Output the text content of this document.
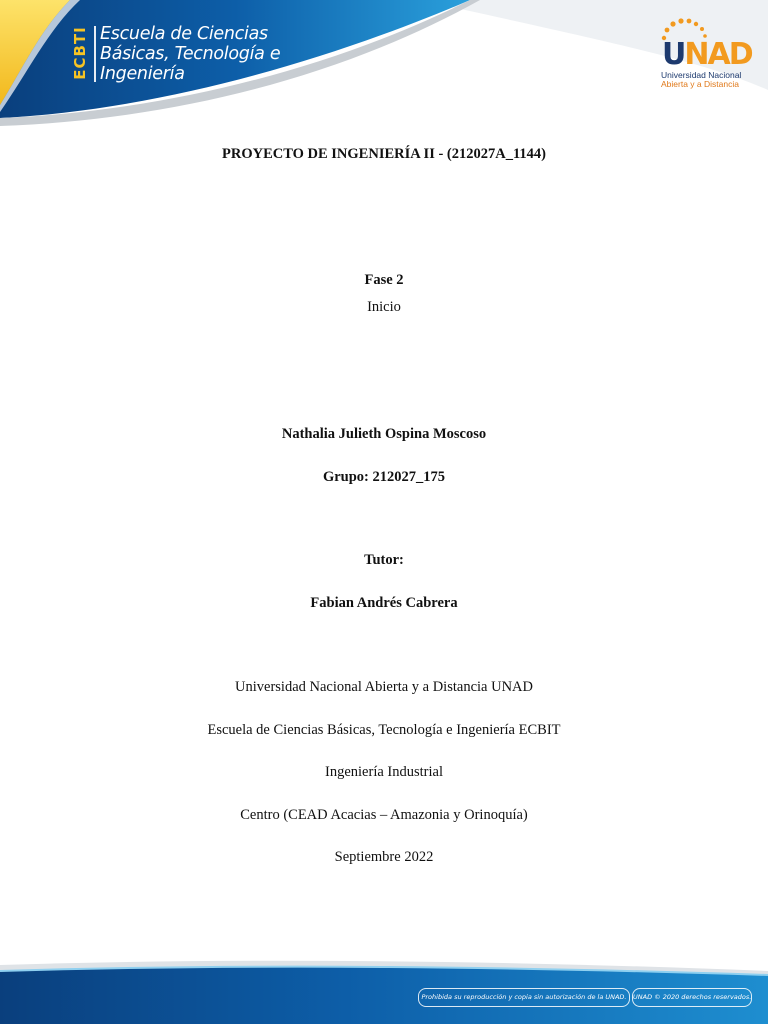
ECBTI Escuela de Ciencias
Básicas, Tecnología e
Ingeniería
UNAD
Universidad Nacional
Abierta y a Distancia
PROYECTO DE INGENIERÍA II - (212027A_1144)
Fase 2
Inicio
Nathalia Julieth Ospina Moscoso
Grupo: 212027_175
Tutor:
Fabian Andrés Cabrera
Universidad Nacional Abierta y a Distancia UNAD
Escuela de Ciencias Básicas, Tecnología e Ingeniería ECBIT
Ingeniería Industrial
Centro (CEAD Acacias – Amazonia y Orinoquía)
Septiembre 2022
Prohibida su reproducción y copia sin autorización de la UNAD. UNAD © 2020 derechos reservados.
